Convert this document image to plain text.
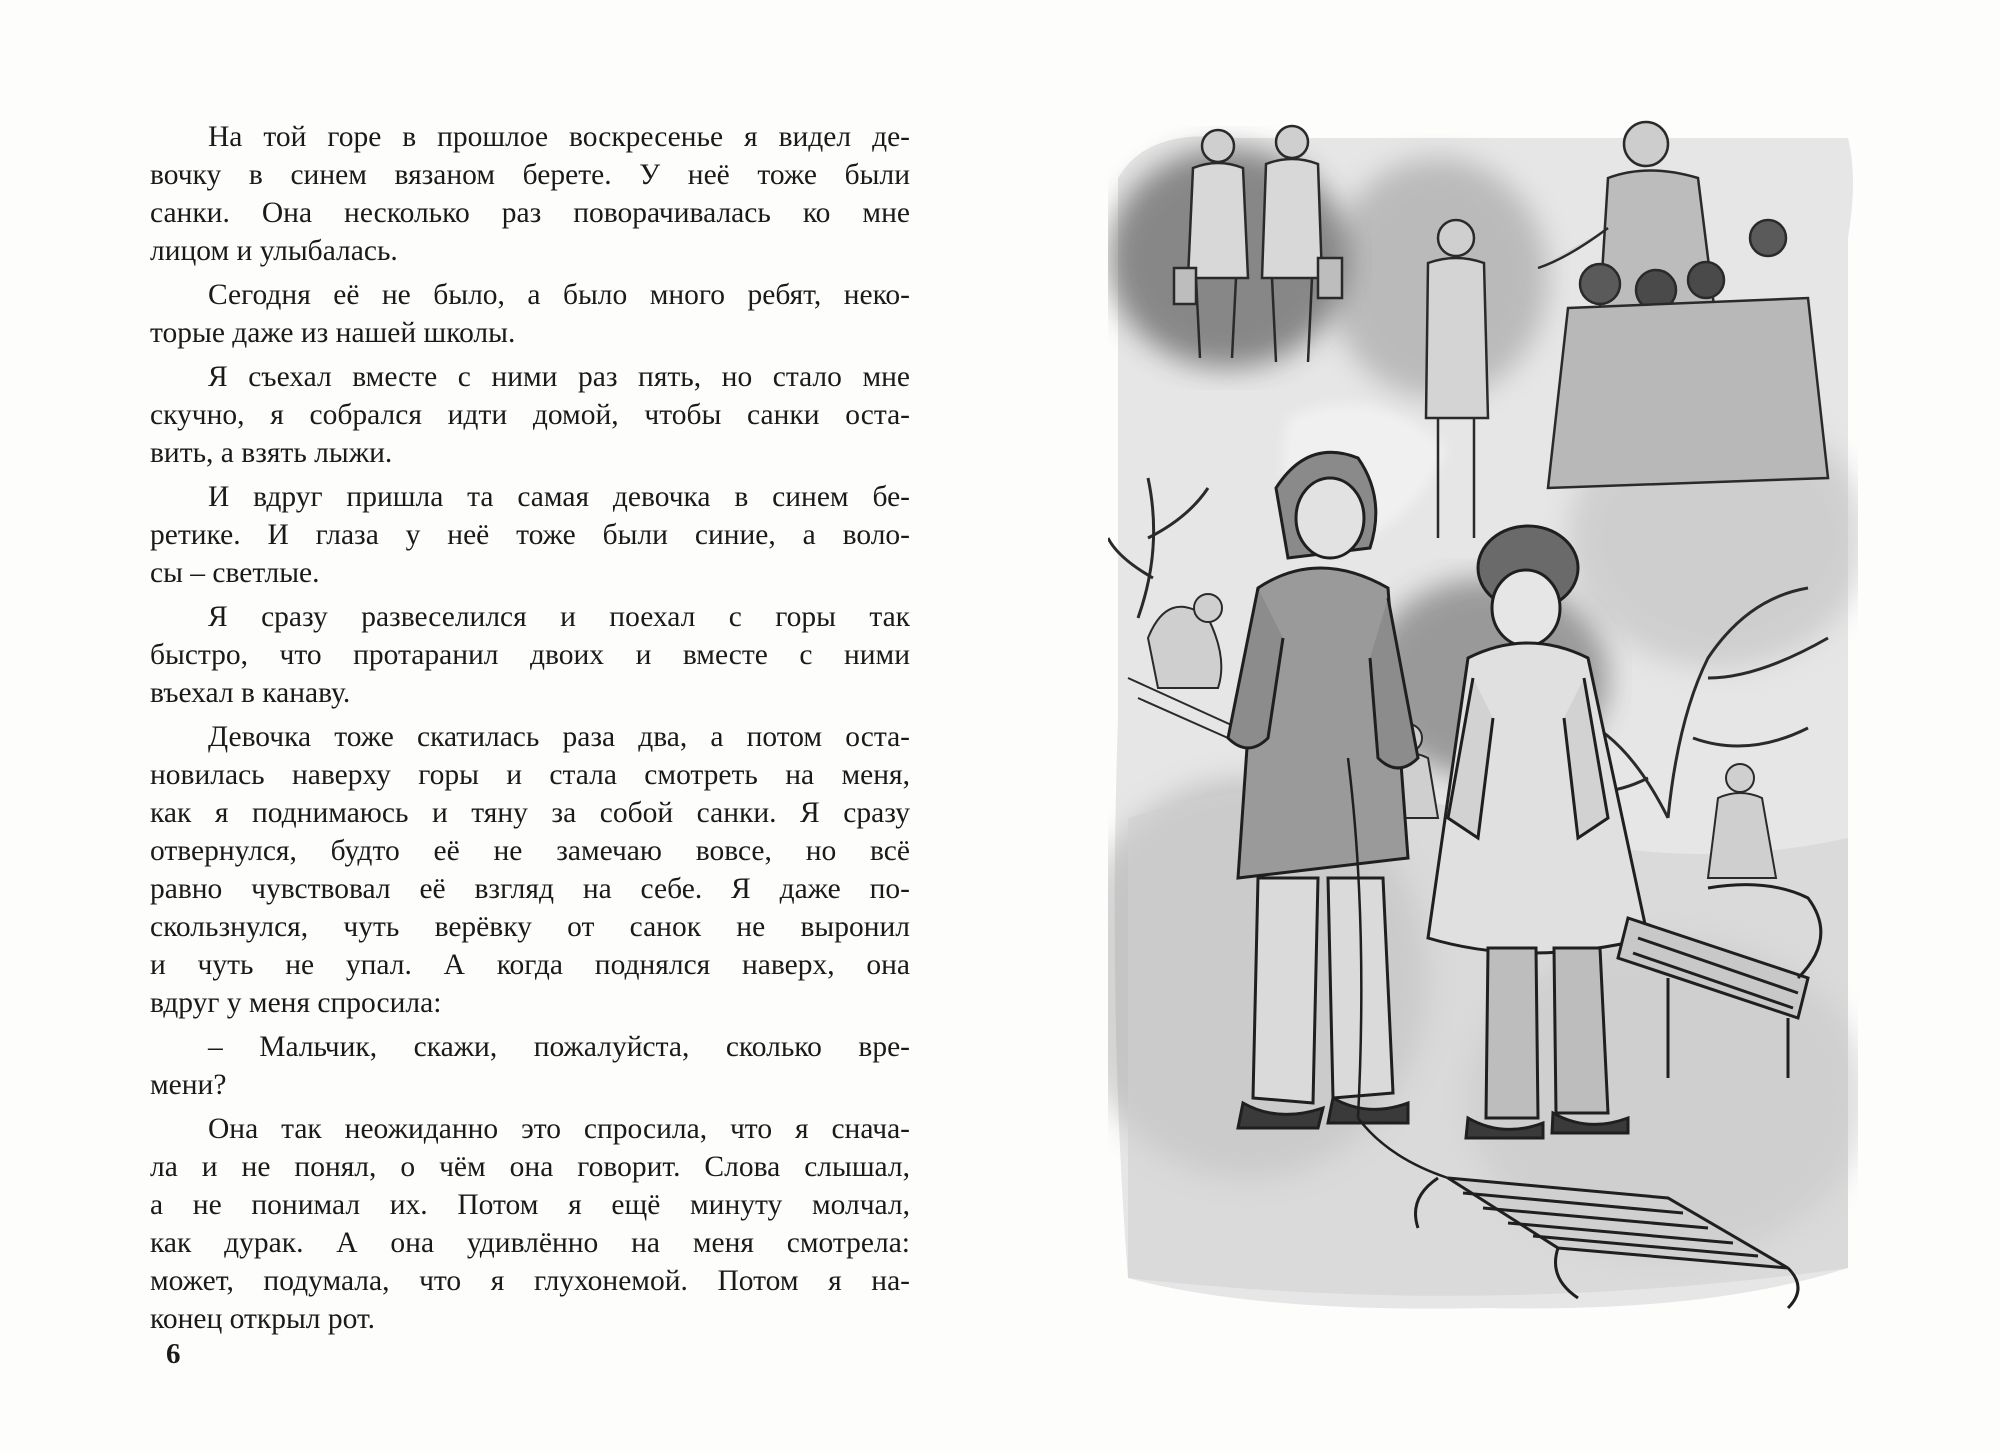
На той горе в прошлое воскресенье я видел де-
вочку в синем вязаном берете. У неё тоже были
санки. Она несколько раз поворачивалась ко мне
лицом и улыбалась.

Сегодня её не было, а было много ребят, неко-
торые даже из нашей школы.

Я съехал вместе с ними раз пять, но стало мне
скучно, я собрался идти домой, чтобы санки оста-
вить, а взять лыжи.

И вдруг пришла та самая девочка в синем бе-
ретике. И глаза у неё тоже были синие, а воло-
сы – светлые.

Я сразу развеселился и поехал с горы так
быстро, что протаранил двоих и вместе с ними
въехал в канаву.

Девочка тоже скатилась раза два, а потом оста-
новилась наверху горы и стала смотреть на меня,
как я поднимаюсь и тяну за собой санки. Я сразу
отвернулся, будто её не замечаю вовсе, но всё
равно чувствовал её взгляд на себе. Я даже по-
скользнулся, чуть верёвку от санок не выронил
и чуть не упал. А когда поднялся наверх, она
вдруг у меня спросила:

– Мальчик, скажи, пожалуйста, сколько вре-
мени?

Она так неожиданно это спросила, что я снача-
ла и не понял, о чём она говорит. Слова слышал,
а не понимал их. Потом я ещё минуту молчал,
как дурак. А она удивлённо на меня смотрела:
может, подумала, что я глухонемой. Потом я на-
конец открыл рот.

6
